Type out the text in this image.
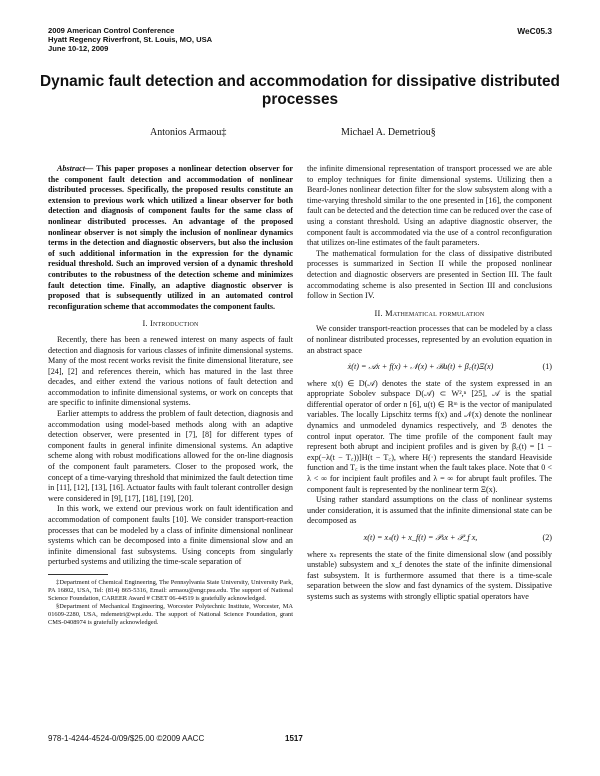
2009 American Control Conference
Hyatt Regency Riverfront, St. Louis, MO, USA
June 10-12, 2009
WeC05.3
Dynamic fault detection and accommodation for dissipative distributed
processes
Antonios Armaou‡	Michael A. Demetriou§

Abstract— This paper proposes a nonlinear detection observer for the component fault detection and accommodation of nonlinear distributed processes. Specifically, the proposed results constitute an extension to previous work which utilized a linear observer for both detection and diagnosis of component faults for the same class of nonlinear distributed processes. An advantage of the proposed nonlinear observer is not simply the inclusion of nonlinear dynamics terms in the detection and diagnostic observers, but also the inclusion of such additional information in the expression for the dynamic residual threshold. Such an improved version of a dynamic threshold contributes to the robustness of the detection scheme and minimizes fault detection time. Finally, an adaptive diagnostic observer is proposed that is subsequently utilized in an automated control reconfiguration scheme that accommodates the component faults.

I. Introduction

Recently, there has been a renewed interest on many aspects of fault detection and diagnosis for various classes of infinite dimensional systems. Many of the most recent works revisit the finite dimensional literature, see [24], [2] and references therein, which has matured in the last three decades, and either extend the various notions of fault detection and accommodation to infinite dimensional systems, or work on concepts that are specific to infinite dimensional systems.

Earlier attempts to address the problem of fault detection, diagnosis and accommodation using model-based methods along with an adaptive detection observer, were presented in [7], [8] for different types of component faults in general infinite dimensional systems. An adaptive scheme along with robust modifications allowed for the on-line diagnosis of the component fault parameters. Closer to the proposed work, the concept of a time-varying threshold that minimized the fault detection time in [11], [12], [13], [16]. Actuator faults with fault tolerant controller design were considered in [9], [17], [18], [19], [20].

In this work, we extend our previous work on fault identification and accommodation of component faults [10]. We consider transport-reaction processes that can be modeled by a class of infinite dimensional nonlinear systems which can be decomposed into a finite dimensional slow and an infinite dimensional fast subsystems. Using concepts from singularly perturbed systems and utilizing the time-scale separation of

‡Department of Chemical Engineering, The Pennsylvania State University, University Park, PA 16802, USA, Tel: (814) 865-5316, Email: armaou@engr.psu.edu. The support of National Science Foundation, CAREER Award # CBET 06-44519 is gratefully acknowledged.

§Department of Mechanical Engineering, Worcester Polytechnic Institute, Worcester, MA 01609-2280, USA, mdemetri@wpi.edu. The support of National Science Foundation, grant CMS-0408974 is gratefully acknowledged.

the infinite dimensional representation of transport processed we are able to employ techniques for finite dimensional systems. Utilizing then a Beard-Jones nonlinear detection filter for the slow subsystem along with a time-varying threshold similar to the one presented in [16], the component fault can be detected and the detection time can be reduced over the case of using a constant threshold. Using an adaptive diagnostic observer, the component fault is accommodated via the use of a control reconfiguration that utilizes on-line estimates of the fault parameters.

The mathematical formulation for the class of dissipative distributed processes is summarized in Section II while the proposed nonlinear detection and diagnostic observers are presented in Section III. The fault accommodating scheme is also presented in Section III and conclusions follow in Section IV.

II. Mathematical formulation

We consider transport-reaction processes that can be modeled by a class of nonlinear distributed processes, represented by an evolution equation in an abstract space

ẋ(t) = 𝒜x + f(x) + 𝒩(x) + ℬu(t) + β꜀(t)Ξ(x)	(1)

where x(t) ∈ D(𝒜) denotes the state of the system expressed in an appropriate Sobolev subspace D(𝒜) ⊂ W²,ⁿ [25], 𝒜 is the spatial differential operator of order n [6], u(t) ∈ ℝᵐ is the vector of manipulated variables. The locally Lipschitz terms f(x) and 𝒩(x) denote the nonlinear dynamics and unmodeled dynamics respectively, and ℬ denotes the control input operator. The time profile of the component fault may represent both abrupt and incipient profiles and is given by β꜀(t) = [1 − exp(−λ(t − T꜀))]H(t − T꜀), where H(·) represents the standard Heaviside function and T꜀ is the time instant when the fault takes place. Note that 0 < λ < ∞ for incipient fault profiles and λ = ∞ for abrupt fault profiles. The component fault is represented by the nonlinear term Ξ(x).

Using rather standard assumptions on the class of nonlinear systems under consideration, it is assumed that the infinite dimensional state can be decomposed as

x(t) = xₛ(t) + x_f(t) = 𝒫ₛx + 𝒫_f x,	(2)

where xₛ represents the state of the finite dimensional slow (and possibly unstable) subsystem and x_f denotes the state of the infinite dimensional fast subsystem. It is furthermore assumed that there is a time-scale separation between the slow and fast dynamics of the system. Dissipative systems such as systems with strongly elliptic spatial operators have

978-1-4244-4524-0/09/$25.00 ©2009 AACC	1517
